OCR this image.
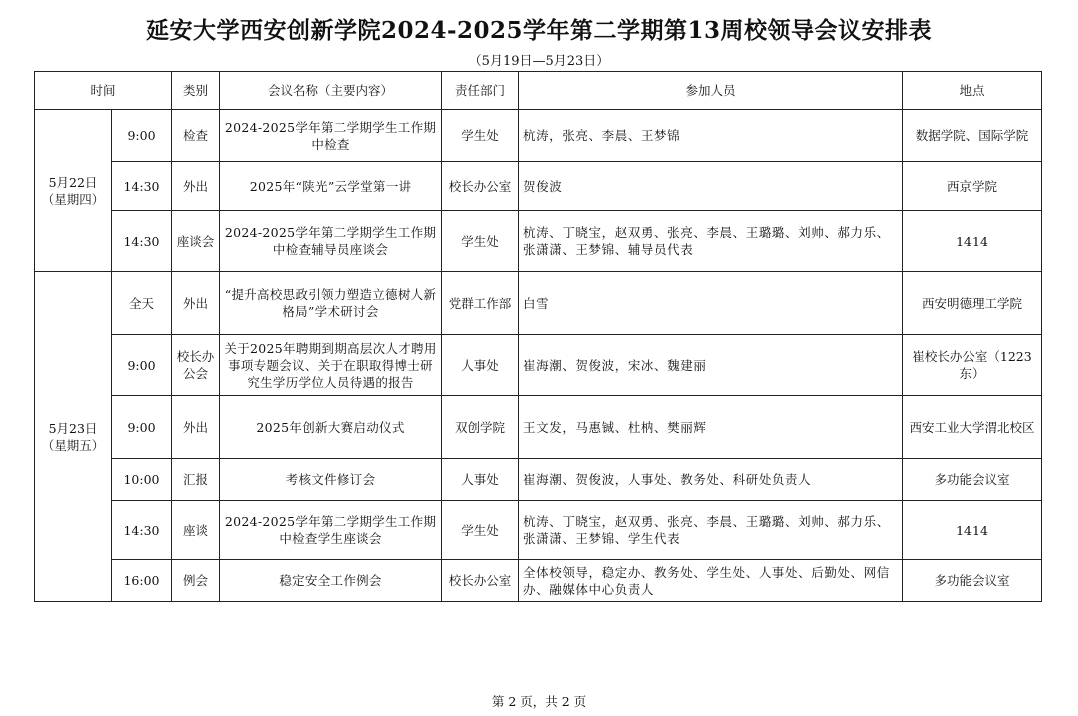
延安大学西安创新学院2024-2025学年第二学期第13周校领导会议安排表
（5月19日—5月23日）
时间		类别	会议名称（主要内容）	责任部门	参加人员	地点

5月22日
（星期四）	9:00	检查	2024-2025学年第二学期学生工作期中检查	学生处	杭涛，张亮、李晨、王梦锦	数据学院、国际学院
	14:30	外出	2025年“陕光”云学堂第一讲	校长办公室	贺俊波	西京学院
	14:30	座谈会	2024-2025学年第二学期学生工作期中检查辅导员座谈会	学生处	杭涛、丁晓宝，赵双勇、张亮、李晨、王璐璐、刘帅、郝力乐、张潇潇、王梦锦、辅导员代表	1414

5月23日
（星期五）	全天	外出	“提升高校思政引领力塑造立德树人新格局”学术研讨会	党群工作部	白雪	西安明德理工学院
	9:00	校长办公会	关于2025年聘期到期高层次人才聘用事项专题会议、关于在职取得博士研究生学历学位人员待遇的报告	人事处	崔海潮、贺俊波，宋冰、魏建丽	崔校长办公室（1223东）
	9:00	外出	2025年创新大赛启动仪式	双创学院	王文发，马惠铖、杜枘、樊丽辉	西安工业大学渭北校区
	10:00	汇报	考核文件修订会	人事处	崔海潮、贺俊波，人事处、教务处、科研处负责人	多功能会议室
	14:30	座谈	2024-2025学年第二学期学生工作期中检查学生座谈会	学生处	杭涛、丁晓宝，赵双勇、张亮、李晨、王璐璐、刘帅、郝力乐、张潇潇、王梦锦、学生代表	1414
	16:00	例会	稳定安全工作例会	校长办公室	全体校领导，稳定办、教务处、学生处、人事处、后勤处、网信办、融媒体中心负责人	多功能会议室
第 2 页，共 2 页
